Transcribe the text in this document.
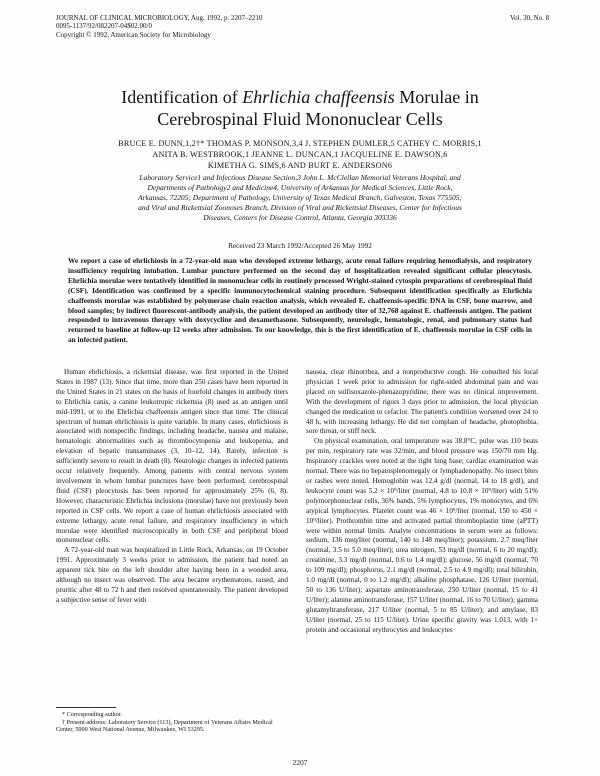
JOURNAL OF CLINICAL MICROBIOLOGY, Aug. 1992, p. 2207–2210
0095-1137/92/082207-04$02.00/0
Copyright © 1992, American Society for Microbiology
Vol. 30, No. 8
Identification of Ehrlichia chaffeensis Morulae in
Cerebrospinal Fluid Mononuclear Cells
BRUCE E. DUNN,1,2†* THOMAS P. MONSON,3,4 J. STEPHEN DUMLER,5 CATHEY C. MORRIS,1
ANITA B. WESTBROOK,1 JEANNE L. DUNCAN,1 JACQUELINE E. DAWSON,6
KIMETHA G. SIMS,6 AND BURT E. ANDERSON6
Laboratory Service1 and Infectious Disease Section,3 John L. McClellan Memorial Veterans Hospital, and
Departments of Pathology2 and Medicine4, University of Arkansas for Medical Sciences, Little Rock,
Arkansas, 72205; Department of Pathology, University of Texas Medical Branch, Galveston, Texas 775505;
and Viral and Rickettsial Zoonoses Branch, Division of Viral and Rickettsial Diseases, Center for Infectious
Diseases, Centers for Disease Control, Atlanta, Georgia 303336
Received 23 March 1992/Accepted 26 May 1992
We report a case of ehrlichiosis in a 72-year-old man who developed extreme lethargy, acute renal failure requiring hemodialysis, and respiratory insufficiency requiring intubation. Lumbar puncture performed on the second day of hospitalization revealed significant cellular pleocytosis. Ehrlichia morulae were tentatively identified in mononuclear cells in routinely processed Wright-stained cytospin preparations of cerebrospinal fluid (CSF). Identification was confirmed by a specific immunocytochemical staining procedure. Subsequent identification specifically as Ehrlichia chaffeensis morulae was established by polymerase chain reaction analysis, which revealed E. chaffeensis-specific DNA in CSF, bone marrow, and blood samples; by indirect fluorescent-antibody analysis, the patient developed an antibody titer of 32,768 against E. chaffeensis antigen. The patient responded to intravenous therapy with doxycycline and dexamethasone. Subsequently, neurologic, hematologic, renal, and pulmonary status had returned to baseline at follow-up 12 weeks after admission. To our knowledge, this is the first identification of E. chaffeensis morulae in CSF cells in an infected patient.

Human ehrlichiosis, a rickettsial disease, was first reported in the United States in 1987 (13). Since that time, more than 250 cases have been reported in the United States in 21 states on the basis of fourfold changes in antibody titers to Ehrlichia canis, a canine leukotropic rickettsia (8) used as an antigen until mid-1991, or to the Ehrlichia chaffeensis antigen since that time. The clinical spectrum of human ehrlichiosis is quite variable. In many cases, ehrlichiosis is associated with nonspecific findings, including headache, nausea and malaise, hematologic abnormalities such as thrombocytopenia and leukopenia, and elevation of hepatic transaminases (3, 10–12, 14). Rarely, infection is sufficiently severe to result in death (8). Neurologic changes in infected patients occur relatively frequently. Among patients with central nervous system involvement in whom lumbar punctures have been performed, cerebrospinal fluid (CSF) pleocytosis has been reported for approximately 25% (6, 8). However, characteristic Ehrlichia inclusions (morulae) have not previously been reported in CSF cells. We report a case of human ehrlichiosis associated with extreme lethargy, acute renal failure, and respiratory insufficiency in which morulae were identified microscopically in both CSF and peripheral blood mononuclear cells.

A 72-year-old man was hospitalized in Little Rock, Arkansas, on 19 October 1991. Approximately 3 weeks prior to admission, the patient had noted an apparent tick bite on the left shoulder after having been in a wooded area, although no insect was observed. The area became erythematous, raised, and pruritic after 48 to 72 h and then resolved spontaneously. The patient developed a subjective sense of fever with

nausea, clear rhinorrhea, and a nonproductive cough. He consulted his local physician 1 week prior to admission for right-sided abdominal pain and was placed on sulfisoxazole-phenazopyridine; there was no clinical improvement. With the development of rigors 3 days prior to admission, the local physician changed the medication to cefaclor. The patient's condition worsened over 24 to 48 h, with increasing lethargy. He did not complain of headache, photophobia, sore throat, or stiff neck.

On physical examination, oral temperature was 38.8°C, pulse was 110 beats per min, respiratory rate was 32/min, and blood pressure was 150/70 mm Hg. Inspiratory crackles were noted at the right lung base; cardiac examination was normal. There was no hepatosplenomegaly or lymphadenopathy. No insect bites or rashes were noted. Hemoglobin was 12.4 g/dl (normal, 14 to 18 g/dl), and leukocyte count was 5.2 × 10⁹/liter (normal, 4.8 to 10.8 × 10⁹/liter) with 51% polymorphonuclear cells, 36% bands, 5% lymphocytes, 1% monocytes, and 6% atypical lymphocytes. Platelet count was 46 × 10⁹/liter (normal, 150 to 450 × 10⁹/liter). Prothrombin time and activated partial thromboplastin time (aPTT) were within normal limits. Analyte concentrations in serum were as follows: sodium, 136 meq/liter (normal, 140 to 148 meq/liter); potassium, 2.7 meq/liter (normal, 3.5 to 5.0 meq/liter); urea nitrogen, 53 mg/dl (normal, 6 to 20 mg/dl); creatinine, 3.3 mg/dl (normal, 0.6 to 1.4 mg/dl); glucose, 56 mg/dl (normal, 70 to 109 mg/dl); phosphorus, 2.1 mg/dl (normal, 2.5 to 4.9 mg/dl); total bilirubin, 1.0 mg/dl (normal, 0 to 1.2 mg/dl); alkaline phosphatase, 126 U/liter (normal, 50 to 136 U/liter); aspartate aminotransferase, 250 U/liter (normal, 15 to 41 U/liter); alanine aminotransferase, 157 U/liter (normal, 16 to 70 U/liter); gamma glutamyltransferase, 217 U/liter (normal, 5 to 85 U/liter); and amylase, 83 U/liter (normal, 25 to 115 U/liter). Urine specific gravity was 1.013, with 1+ protein and occasional erythrocytes and leukocytes

* Corresponding author.
† Present address: Laboratory Service (113), Department of Veterans Affairs Medical Center, 5000 West National Avenue, Milwaukee, WI 53295.
2207
